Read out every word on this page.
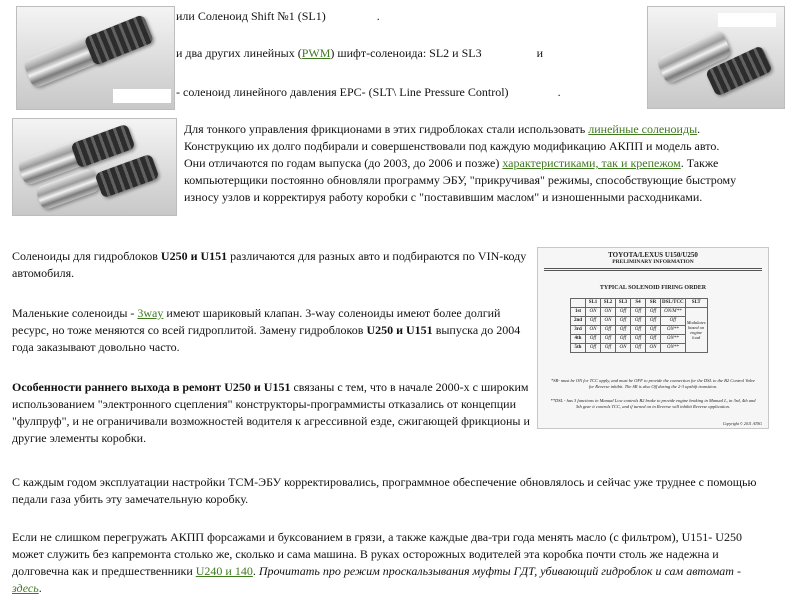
или Соленоид Shift №1 (SL1)	.
и два других линейных (PWM) шифт-соленоида: SL2 и SL3	и
- соленоид линейного давления EPC- (SLT\ Line Pressure Control)	.
Для тонкого управления фрикционами в этих гидроблоках стали использовать линейные соленоиды. Конструкцию их долго подбирали и совершенствовали под каждую модификацию АКПП и модель авто. Они отличаются по годам выпуска (до 2003, до 2006 и позже) характеристиками, так и крепежом. Также компьютерщики постоянно обновляли программу ЭБУ, "прикручивая" режимы, способствующие быстрому износу узлов и корректируя работу коробки с "поставившим маслом" и изношенными расходниками.
Соленоиды для гидроблоков U250 и U151 различаются для разных авто и подбираются по VIN-коду автомобиля.
Маленькие соленоиды - 3way имеют шариковый клапан. 3-way соленоиды имеют более долгий ресурс, но тоже меняются со всей гидроплитой. Замену гидроблоков U250 и U151 выпуска до 2004 года заказывают довольно часто.
Особенности раннего выхода в ремонт U250 и U151 связаны с тем, что в начале 2000-х с широким использованием "электронного сцепления" конструкторы-программисты отказались от концепции "фулпруф", и не ограничивали возможностей водителя к агрессивной езде, сжигающей фрикционы и другие элементы коробки.
С каждым годом эксплуатации настройки ТСМ-ЭБУ корректировались, программное обеспечение обновлялось и сейчас уже труднее с помощью педали газа убить эту замечательную коробку.
Если не слишком перегружать АКПП форсажами и буксованием в грязи, а также каждые два-три года менять масло (с фильтром), U151- U250 может служить без капремонта столько же, сколько и сама машина. В руках осторожных водителей эта коробка почти столь же надежна и долговечна как и предшественники U240 и 140. Прочитать про режим проскальзывания муфты ГДТ, убивающий гидроблок и сам автомат - здесь.
TOYOTA/LEXUS U150/U250
PRELIMINARY INFORMATION
TYPICAL SOLENOID FIRING ORDER
	SL1	SL2	SL3	S4	SR	DSL/TCC	SLT
1st	ON	ON	Off	Off	Off	ON/M**	Modulates based on engine load
2nd	Off	ON	Off	Off	Off	Off	
3rd	ON	Off	Off	Off	Off	ON**	
4th	Off	Off	Off	Off	Off	ON**	
5th	Off	Off	ON	Off	ON	ON**	
*SR- must be ON for TCC apply, and must be OFF to provide the connection for the DSL to the B2 Control Valve for Reverse inhibit. The SR is also Off during the 2-3 upshift transition.
**DSL - has 3 functions in Manual Low controls B2 brake to provide engine braking in Manual L, in 3rd, 4th and 5th gear it controls TCC, and if turned on in Reverse will inhibit Reverse application.
Copyright © 2011 ATSG
